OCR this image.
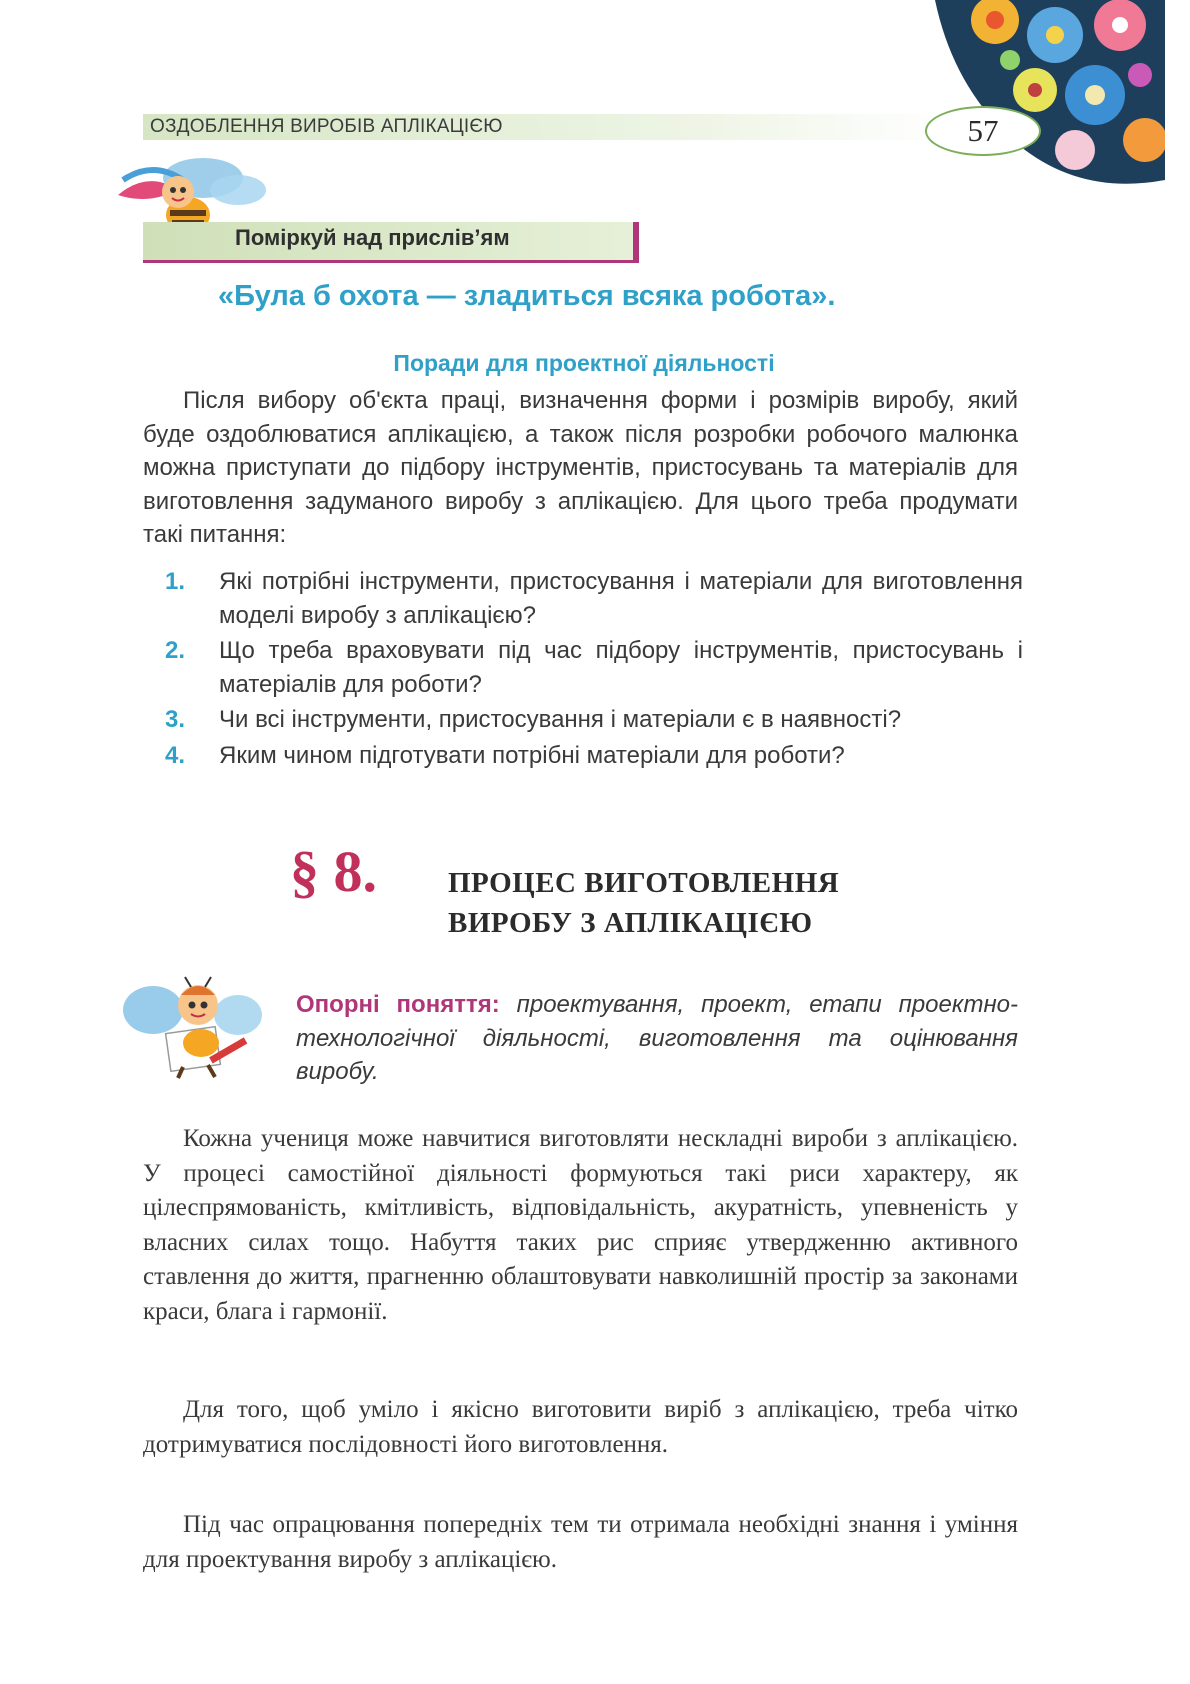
ОЗДОБЛЕННЯ ВИРОБІВ АПЛІКАЦІЄЮ	57
Поміркуй над прислів’ям
«Була б охота — зладиться всяка робота».
Поради для проектної діяльності

Після вибору об'єкта праці, визначення форми і розмірів виробу, який буде оздоблюватися аплікацією, а також після розробки робочого малюнка можна приступати до підбору інструментів, пристосувань та матеріалів для виготовлення задуманого виробу з аплікацією. Для цього треба продумати такі питання:

1.	Які потрібні інструменти, пристосування і матеріали для виготовлення моделі виробу з аплікацією?
2.	Що треба враховувати під час підбору інструментів, пристосувань і матеріалів для роботи?
3.	Чи всі інструменти, пристосування і матеріали є в наявності?
4.	Яким чином підготувати потрібні матеріали для роботи?
§ 8. ПРОЦЕС ВИГОТОВЛЕННЯ
ВИРОБУ З АПЛІКАЦІЄЮ
Опорні поняття: проектування, проект, етапи проектно-технологічної діяльності, виготовлення та оцінювання виробу.

Кожна учениця може навчитися виготовляти нескладні вироби з аплікацією. У процесі самостійної діяльності формуються такі риси характеру, як цілеспрямованість, кмітливість, відповідальність, акуратність, упевненість у власних силах тощо. Набуття таких рис сприяє утвердженню активного ставлення до життя, прагненню облаштовувати навколишній простір за законами краси, блага і гармонії.

Для того, щоб уміло і якісно виготовити виріб з аплікацією, треба чітко дотримуватися послідовності його виготовлення.

Під час опрацювання попередніх тем ти отримала необхідні знання і уміння для проектування виробу з аплікацією.
